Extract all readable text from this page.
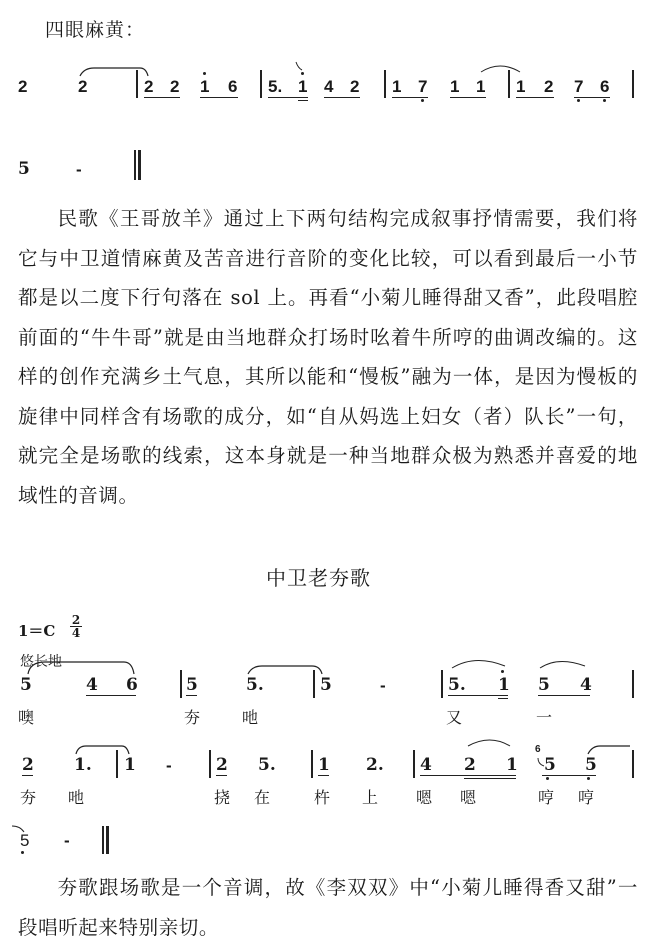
四眼麻黄：
2	2	2 2 1 6 5. 1 4 2 1 7 1 1 1 2 7 6
5	-
民歌《王哥放羊》通过上下两句结构完成叙事抒情需要，我们将它与中卫道情麻黄及苦音进行音阶的变化比较，可以看到最后一小节都是以二度下行句落在 sol 上。再看“小菊儿睡得甜又香”，此段唱腔前面的“牛牛哥”就是由当地群众打场时吆着牛所哼的曲调改编的。这样的创作充满乡土气息，其所以能和“慢板”融为一体，是因为慢板的旋律中同样含有场歌的成分，如“自从妈选上妇女（者）队长”一句，就完全是场歌的线索，这本身就是一种当地群众极为熟悉并喜爱的地域性的音调。
中卫老夯歌
1＝C
2
4
悠长地
5	4 6	5	5.	5	-	5. 1 5 4
噢	夯	吔	又	一
2 1. 1 -	2 5. 1 2. 4 2 1
6
5 5
夯 吔	挠 在	杵 上 嗯 嗯	哼 哼
5 -
夯歌跟场歌是一个音调，故《李双双》中“小菊儿睡得香又甜”一段唱听起来特别亲切。
